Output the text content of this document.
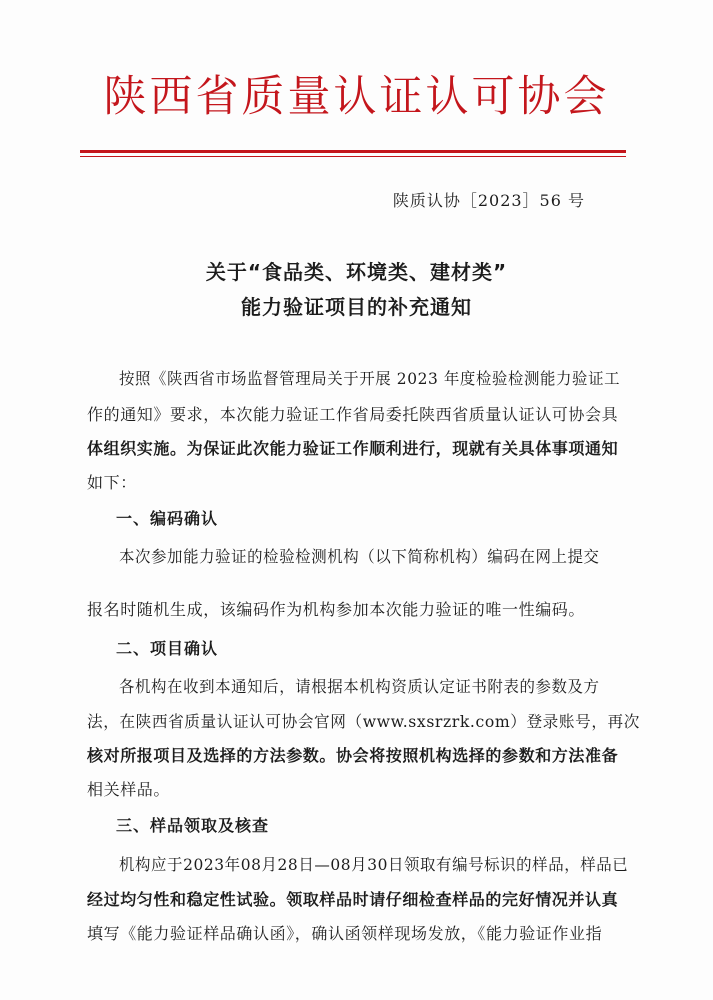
陕西省质量认证认可协会
陕质认协［2023］56 号
关于“食品类、环境类、建材类”
能力验证项目的补充通知
按照《陕西省市场监督管理局关于开展 2023 年度检验检测能力验证工
作的通知》要求，本次能力验证工作省局委托陕西省质量认证认可协会具
体组织实施。为保证此次能力验证工作顺利进行，现就有关具体事项通知
如下：
一、编码确认
本次参加能力验证的检验检测机构（以下简称机构）编码在网上提交
报名时随机生成，该编码作为机构参加本次能力验证的唯一性编码。
二、项目确认
各机构在收到本通知后，请根据本机构资质认定证书附表的参数及方
法，在陕西省质量认证认可协会官网（www.sxsrzrk.com）登录账号，再次
核对所报项目及选择的方法参数。协会将按照机构选择的参数和方法准备
相关样品。
三、样品领取及核查
机构应于2023年08月28日—08月30日领取有编号标识的样品，样品已
经过均匀性和稳定性试验。领取样品时请仔细检查样品的完好情况并认真
填写《能力验证样品确认函》，确认函领样现场发放，《能力验证作业指
